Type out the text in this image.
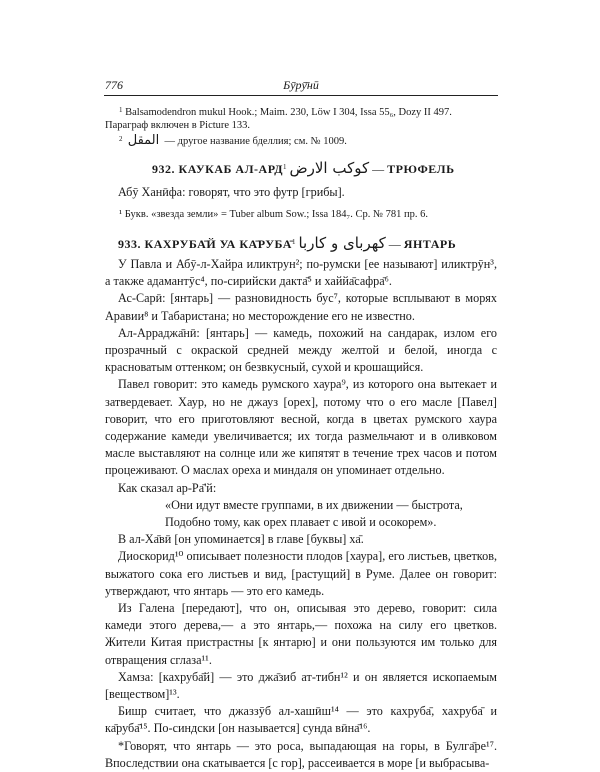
776	Бӯрӯ̄нӣ
$^1$ Balsamodendron mukul Hook.; Maim. 230, Löw I 304, Issa 55₆, Dozy II 497. Параграф включен в Picture 133.
$^2$ المقل — другое название бделлия; см. № 1009.
932. КАУКАБ АЛ-АРД$^1$ كوكب الارض — ТРЮФЕЛЬ

Абӯ Ханӣфа: говорят, что это футр [грибы].

¹ Букв. «звезда земли» = Tuber album Sow.; Issa 184₇. Ср. № 781 пр. 6.
933. КАХРУБА̄Й УА КА̄РУБА̄$^1$ كهرباى و كاربا — ЯНТАРЬ

У Павла и Абӯ-л-Хайра иликтрун²; по-румски [ее называют] иликтрӯн³, а также адамантӯс⁴, по-сирийски дакта̄⁵ и хаййа̄сафра̄⁶.

Ас-Сарӣ: [янтарь] — разновидность бус⁷, которые всплывают в морях Аравии⁸ и Табаристана; но месторождение его не известно.

Ал-Арраджа̄нӣ: [янтарь] — камедь, похожий на сандарак, излом его прозрачный с окраской средней между желтой и белой, иногда с красноватым оттенком; он безвкусный, сухой и крошащийся.

Павел говорит: это камедь румского хаура⁹, из которого она вытекает и затвердевает. Хаур, но не джауз [орех], потому что о его масле [Павел] говорит, что его приготовляют весной, когда в цветах румского хаура содержание камеди увеличивается; их тогда размельчают и в оливковом масле выставляют на солнце или же кипятят в течение трех часов и потом процеживают. О маслах ореха и миндаля он упоминает отдельно.

Как сказал ар-Ра̄'й:

«Они идут вместе группами, в их движении — быстрота,
Подобно тому, как орех плавает с ивой и осокорем».

В ал-Ха̄вӣ [он упоминается] в главе [буквы] ха̄.

Диоскорид¹⁰ описывает полезности плодов [хаура], его листьев, цветков, выжатого сока его листьев и вид, [растущий] в Руме. Далее он говорит: утверждают, что янтарь — это его камедь.

Из Галена [передают], что он, описывая это дерево, говорит: сила камеди этого дерева,— а это янтарь,— похожа на силу его цветков. Жители Китая пристрастны [к янтарю] и они пользуются им только для отвращения сглаза¹¹.

Хамза: [кахруба̄й] — это джа̄зиб ат-тибн¹² и он является ископаемым [веществом]¹³.

Бишр считает, что джаззӯб ал-хашӣш¹⁴ — это кахруба̄, хахруба̄ и ка̄руба̄¹⁵. По-синдски [он называется] сунда вӣна̄¹⁶.

*Говорят, что янтарь — это роса, выпадающая на горы, в Булга̄ре¹⁷. Впоследствии она скатывается [с гор], рассеивается в море [и выбрасыва-
